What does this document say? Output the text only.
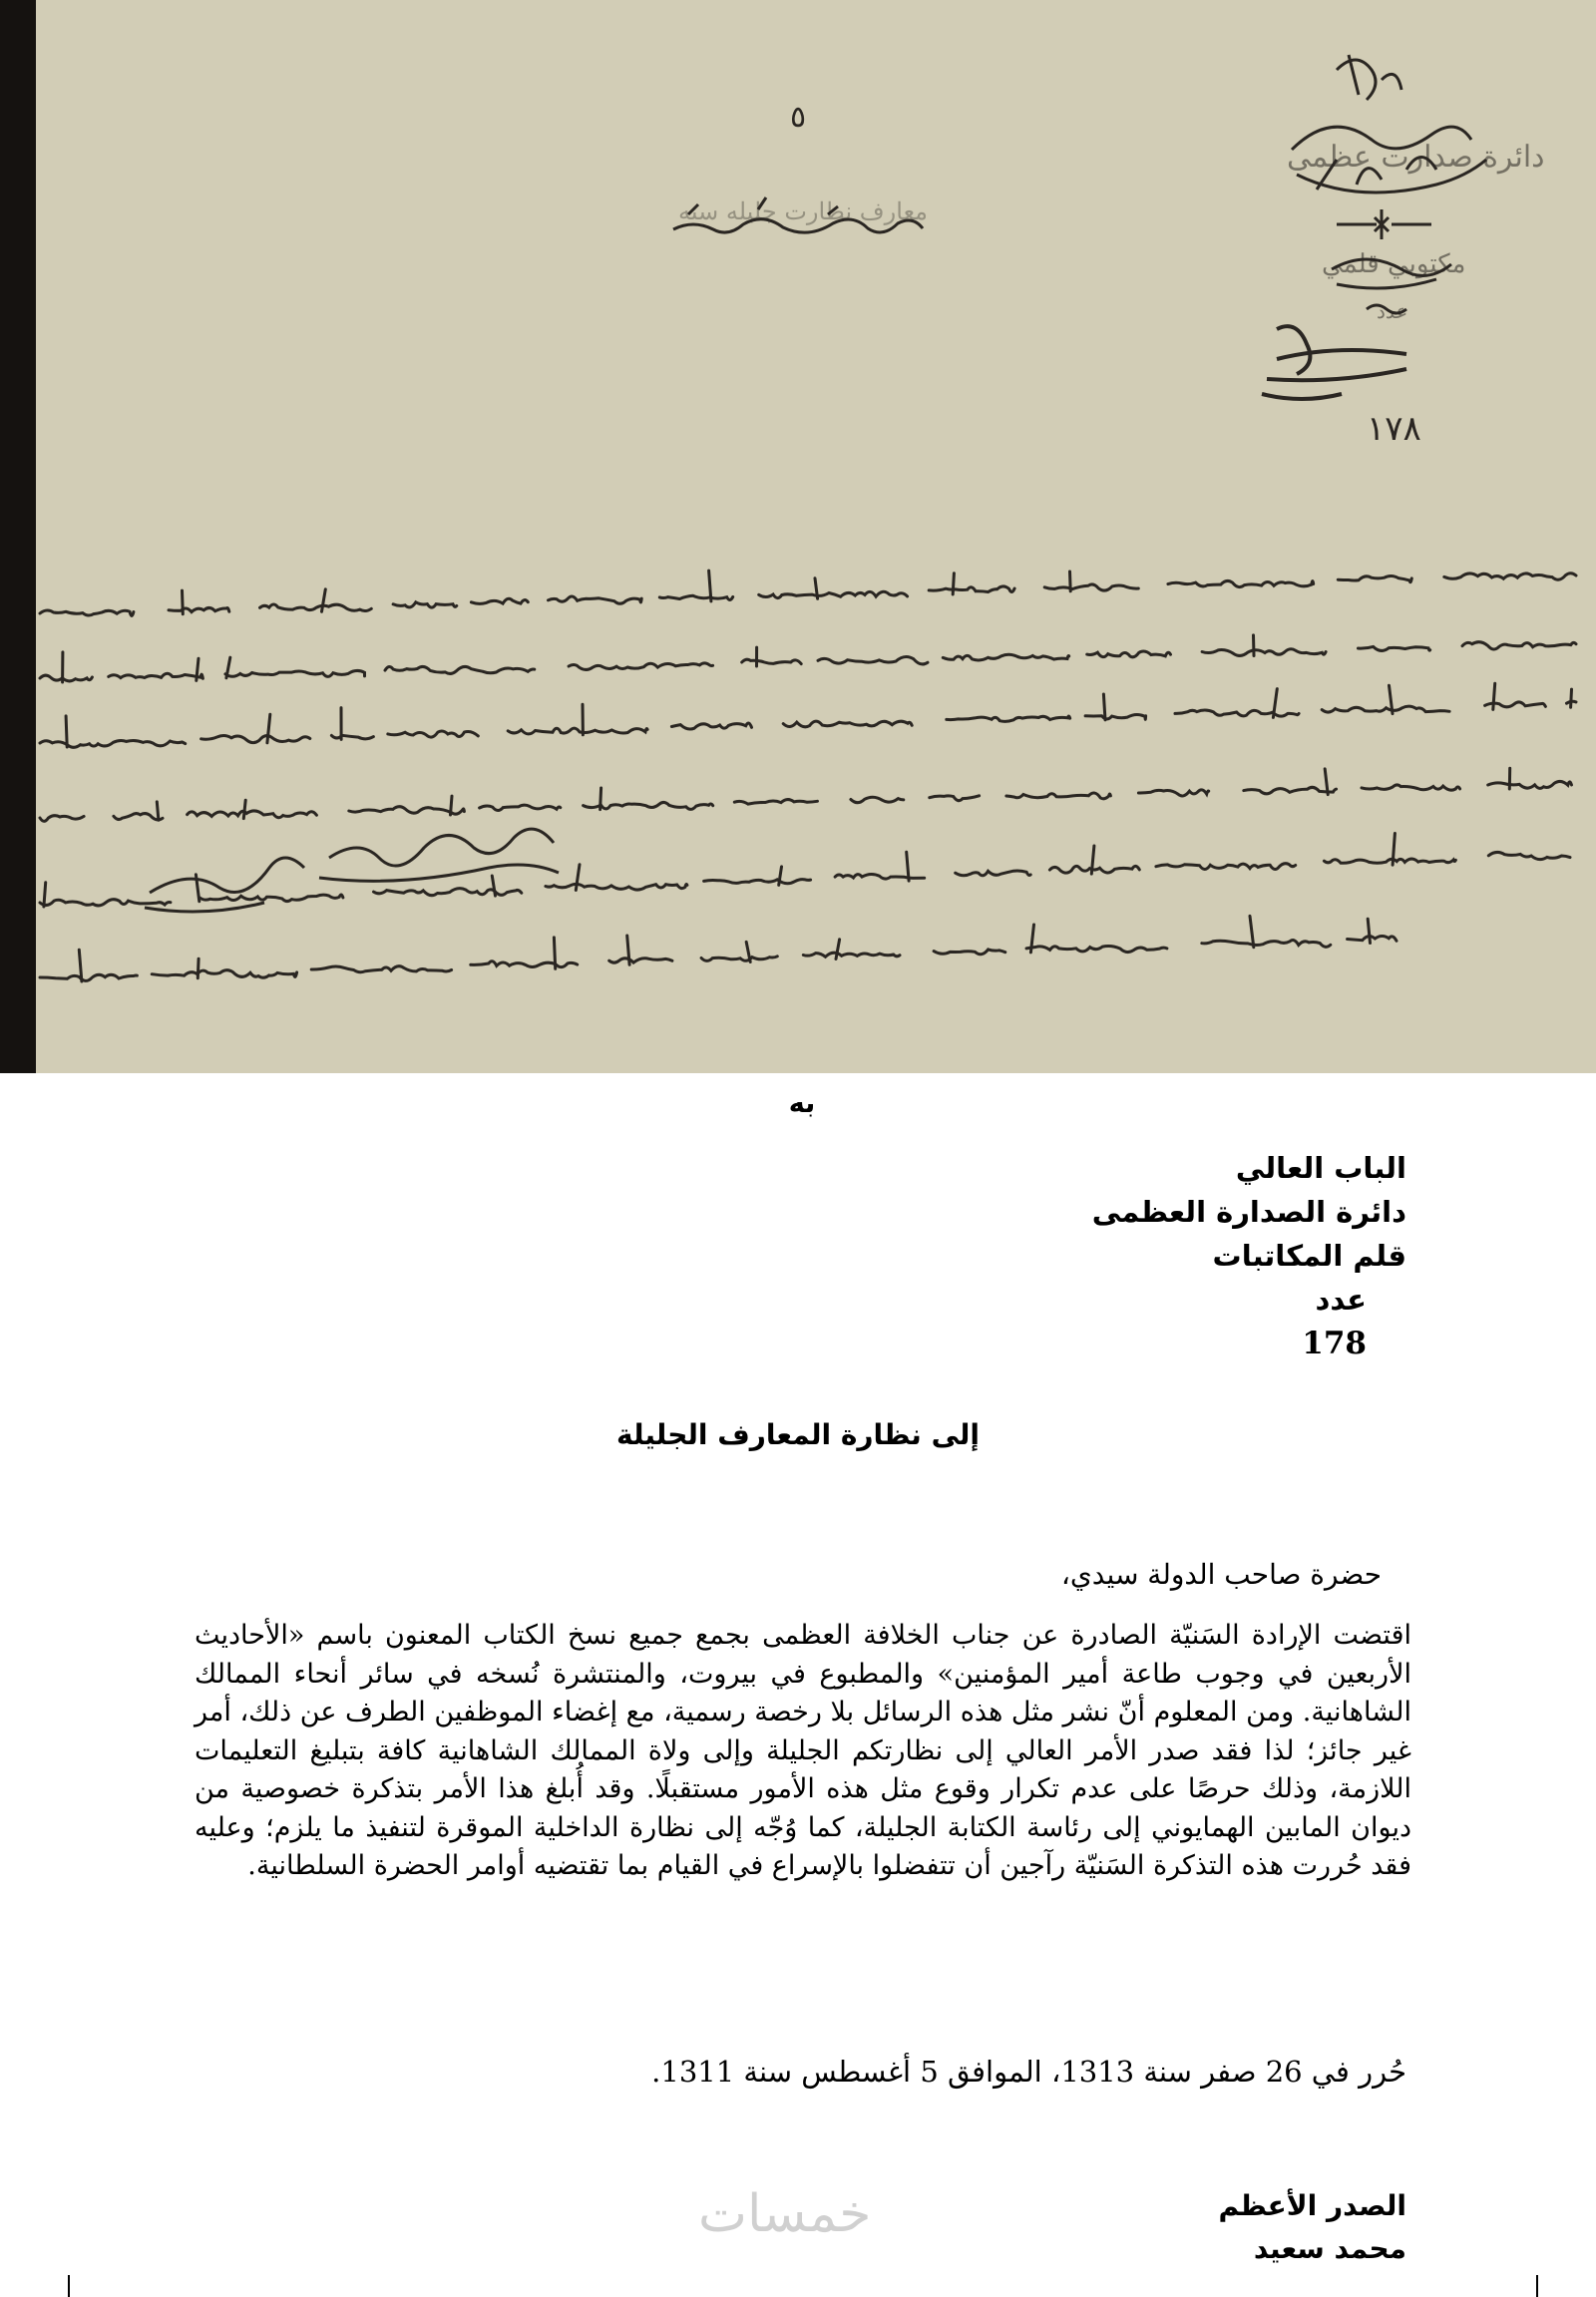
٥
١٧٨
دائرة صدارت عظمى
مكتوبي قلمي
عدد
معارف نظارت جليله سنه
به
الباب العالي
دائرة الصدارة العظمى
قلم المكاتبات
عدد
178
إلى نظارة المعارف الجليلة
حضرة صاحب الدولة سيدي،
اقتضت الإرادة السَنيّة الصادرة عن جناب الخلافة العظمى بجمع جميع نسخ الكتاب المعنون باسم «الأحاديث الأربعين في وجوب طاعة أمير المؤمنين» والمطبوع في بيروت، والمنتشرة نُسخه في سائر أنحاء الممالك الشاهانية. ومن المعلوم أنّ نشر مثل هذه الرسائل بلا رخصة رسمية، مع إغضاء الموظفين الطرف عن ذلك، أمر غير جائز؛ لذا فقد صدر الأمر العالي إلى نظارتكم الجليلة وإلى ولاة الممالك الشاهانية كافة بتبليغ التعليمات اللازمة، وذلك حرصًا على عدم تكرار وقوع مثل هذه الأمور مستقبلًا. وقد أُبلغ هذا الأمر بتذكرة خصوصية من ديوان المابين الهمايوني إلى رئاسة الكتابة الجليلة، كما وُجّه إلى نظارة الداخلية الموقرة لتنفيذ ما يلزم؛ وعليه فقد حُررت هذه التذكرة السَنيّة رآجين أن تتفضلوا بالإسراع في القيام بما تقتضيه أوامر الحضرة السلطانية.
حُرر في 26 صفر سنة 1313، الموافق 5 أغسطس سنة 1311.
خمسات	الصدر الأعظم
محمد سعيد
